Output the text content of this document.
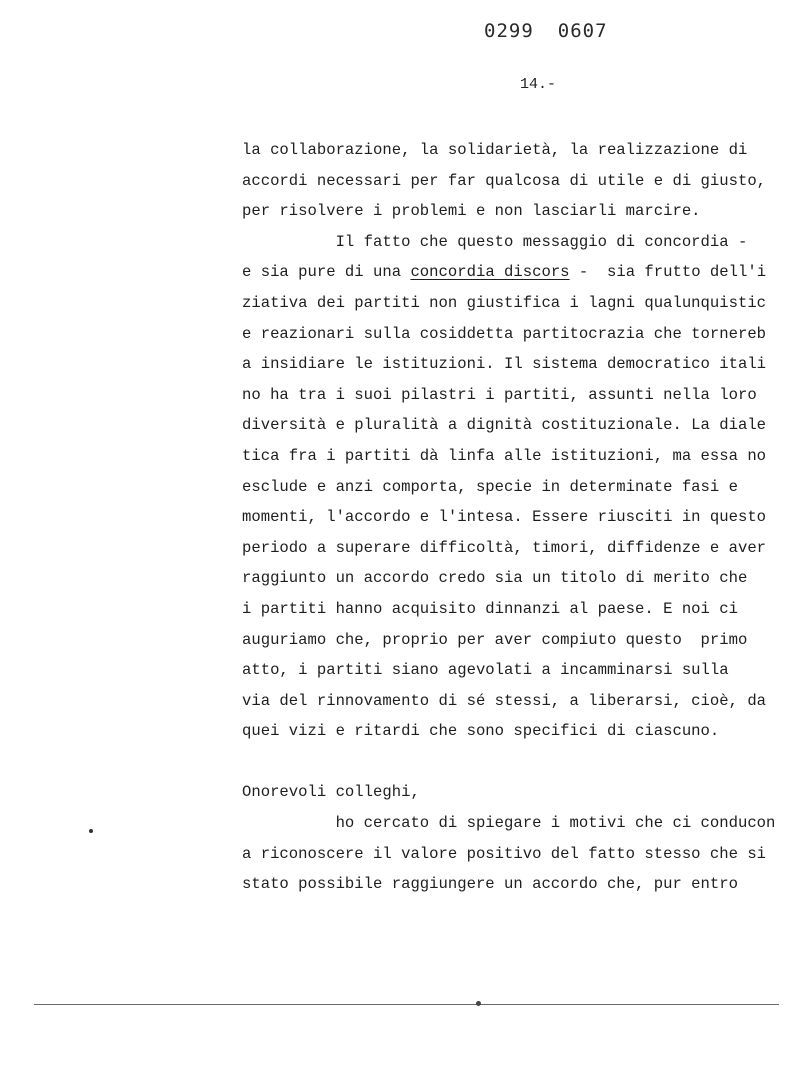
0299 0607

14.-

la collaborazione, la solidarietà, la realizzazione di
accordi necessari per far qualcosa di utile e di giusto,
per risolvere i problemi e non lasciarli marcire.
Il fatto che questo messaggio di concordia -
e sia pure di una concordia discors -  sia frutto dell'i
ziativa dei partiti non giustifica i lagni qualunquistic
e reazionari sulla cosiddetta partitocrazia che tornereb
a insidiare le istituzioni. Il sistema democratico itali
no ha tra i suoi pilastri i partiti, assunti nella loro
diversità e pluralità a dignità costituzionale. La diale
tica fra i partiti dà linfa alle istituzioni, ma essa no
esclude e anzi comporta, specie in determinate fasi e
momenti, l'accordo e l'intesa. Essere riusciti in questo
periodo a superare difficoltà, timori, diffidenze e aver
raggiunto un accordo credo sia un titolo di merito che
i partiti hanno acquisito dinnanzi al paese. E noi ci
auguriamo che, proprio per aver compiuto questo  primo
atto, i partiti siano agevolati a incamminarsi sulla
via del rinnovamento di sé stessi, a liberarsi, cioè, da
quei vizi e ritardi che sono specifici di ciascuno.
Onorevoli colleghi,
ho cercato di spiegare i motivi che ci conducon
a riconoscere il valore positivo del fatto stesso che si
stato possibile raggiungere un accordo che, pur entro
